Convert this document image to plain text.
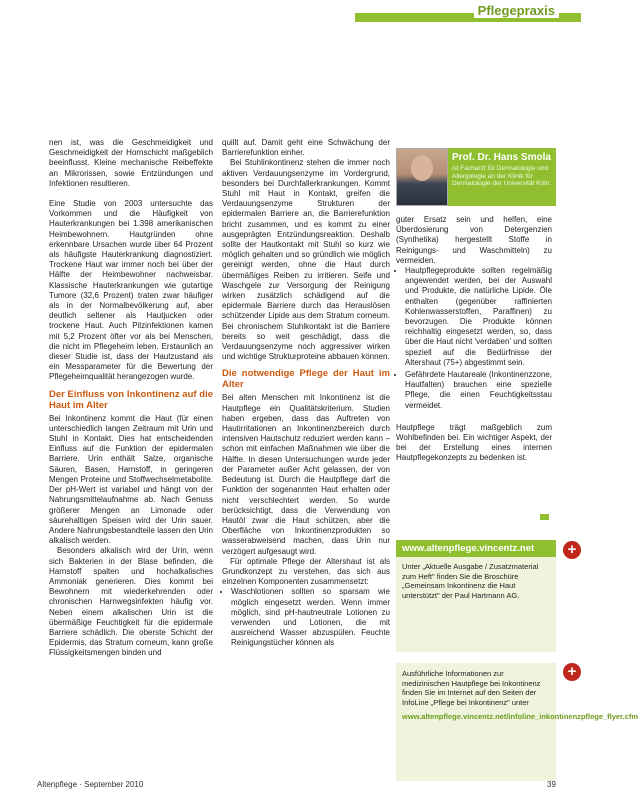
Pflegepraxis

nen ist, was die Geschmeidigkeit und Geschmeidigkeit der Hornschicht maßgeblich beeinflusst. Kleine mechanische Reibeffekte an Mikrorissen, sowie Entzündungen und Infektionen resultieren.

Eine Studie von 2003 untersuchte das Vorkommen und die Häufigkeit von Hauterkrankungen bei 1.398 amerikanischen Heimbewohnern. Hautgründen ohne erkennbare Ursachen wurde über 64 Prozent als häufigste Hauterkrankung diagnostiziert. Trockene Haut war immer noch bei über der Hälfte der Heimbewohner nachweisbar. Klassische Hauterkrankungen wie gutartige Tumore (32,6 Prozent) traten zwar häufiger als in der Normalbevölkerung auf, aber deutlich seltener als Hautjucken oder trockene Haut. Auch Pilzinfektionen kamen mit 5,2 Prozent öfter vor als bei Menschen, die nicht im Pflegeheim leben. Erstaunlich an dieser Studie ist, dass der Hautzustand als ein Messparameter für die Bewertung der Pflegeheimqualität herangezogen wurde.

Der Einfluss von Inkontinenz auf die Haut im Alter

Bei Inkontinenz kommt die Haut (für einen unterschiedlich langen Zeitraum mit Urin und Stuhl in Kontakt. Dies hat entscheidenden Einfluss auf die Funktion der epidermalen Barriere. Urin enthält Salze, organische Säuren, Basen, Harnstoff, in geringeren Mengen Proteine und Stoffwechselmetabolite. Der pH-Wert ist variabel und hängt von der Nahrungsmittelaufnahme ab. Nach Genuss größerer Mengen an Limonade oder säurehaltigen Speisen wird der Urin sauer. Andere Nahrungsbestandteile lassen den Urin alkalisch werden.

Besonders alkalisch wird der Urin, wenn sich Bakterien in der Blase befinden, die Harnstoff spalten und hochalkalisches Ammoniak generieren. Dies kommt bei Bewohnern mit wiederkehrenden oder chronischen Harnwegsinfekten häufig vor. Neben einem alkalischen Urin ist die übermäßige Feuchtigkeit für die epidermale Barriere schädlich. Die oberste Schicht der Epidermis, das Stratum corneum, kann große Flüssigkeitsmengen binden und

quillt auf. Damit geht eine Schwächung der Barrierefunktion einher.

Bei Stuhlinkontinenz stehen die immer noch aktiven Verdauungsenzyme im Vordergrund, besonders bei Durchfallerkrankungen. Kommt Stuhl mit Haut in Kontakt, greifen die Verdauungsenzyme Strukturen der epidermalen Barriere an, die Barrierefunktion bricht zusammen, und es kommt zu einer ausgeprägten Entzündungsreaktion. Deshalb sollte der Hautkontakt mit Stuhl so kurz wie möglich gehalten und so gründlich wie möglich gereinigt werden, ohne die Haut durch übermäßiges Reiben zu irritieren. Seife und Waschgele zur Versorgung der Reinigung wirken zusätzlich schädigend auf die epidermale Barriere durch das Herauslösen schützender Lipide aus dem Stratum corneum. Bei chronischem Stuhlkontakt ist die Barriere bereits so weit geschädigt, dass die Verdauungsenzyme noch aggressiver wirken und wichtige Strukturproteine abbauen können.

Die notwendige Pflege der Haut im Alter

Bei alten Menschen mit Inkontinenz ist die Hautpflege ein Qualitätskriterium. Studien haben ergeben, dass das Auftreten von Hautirritationen an Inkontinenzbereich durch intensiven Hautschutz reduziert werden kann – schon mit einfachen Maßnahmen wie über die Hälfte. In diesen Untersuchungen wurde jeder der Parameter außer Acht gelassen, der von Bedeutung ist. Durch die Hautpflege darf die Funktion der sogenannten Haut erhalten oder nicht verschlechtert werden. So wurde berücksichtigt, dass die Verwendung von Hautöl zwar die Haut schützen, aber die Oberfläche von Inkontinenzprodukten so wasserabweisend machen, dass Urin nur verzögert aufgesaugt wird.

Für optimale Pflege der Altershaut ist als Grundkonzept zu verstehen, das sich aus einzelnen Komponenten zusammensetzt:

• Waschlotionen sollten so sparsam wie möglich eingesetzt werden. Wenn immer möglich, sind pH-hautneutrale Lotionen zu verwenden und Lotionen, die mit ausreichend Wasser abzuspülen. Feuchte Reinigungstücher können als
Prof. Dr. Hans Smola
ist Facharzt für Dermatologie und Allergologie an der Klinik für Dermatologie der Universität Köln.

guter Ersatz sein und helfen, eine Überdosierung von Detergenzien (Synthetika) hergestellt Stoffe in Reinigungs- und Waschmitteln) zu vermeiden.

• Hautpflegeprodukte sollten regelmäßig angewendet werden, bei der Auswahl und Produkte, die natürliche Lipide. Öle enthalten (gegenüber raffinierten Kohlenwasserstoffen, Paraffinen) zu bevorzugen. Die Produkte können reichhaltig eingesetzt werden, so, dass über die Haut nicht 'verdaben' und sollten speziell auf die Bedürfnisse der Altershaut (75+) abgestimmt sein.
• Gefährdete Hautareale (Inkontinenzzone, Hautfalten) brauchen eine spezielle Pflege, die einen Feuchtigkeitsstau vermeidet.

Hautpflege trägt maßgeblich zum Wohlbefinden bei. Ein wichtiger Aspekt, der bei der Erstellung eines internen Hautpflegekonzepts zu bedenken ist.

www.altenpflege.vincentz.net
Unter „Aktuelle Ausgabe / Zusatzmaterial zum Heft" finden Sie die Broschüre „Gemeinsam Inkontinenz die Haut unterstützt" der Paul Hartmann AG.
+
Ausführliche Informationen zur medizinischen Hautpflege bei Inkontinenz finden Sie im Internet auf den Seiten der InfoLine „Pflege bei Inkontinenz" unter
www.altenpflege.vincentz.net/infoline_inkontinenzpflege_flyer.cfm
+
Altenpflege · September 2010	39
